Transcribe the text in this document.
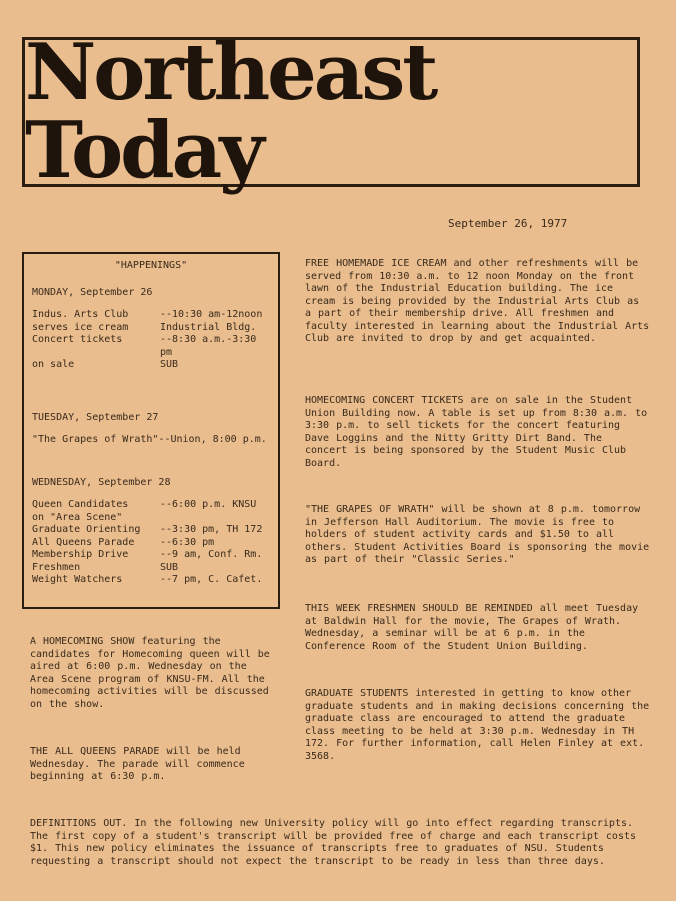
Northeast Today
September 26, 1977
"HAPPENINGS"
MONDAY, September 26
Indus. Arts Club	--10:30 am-12noon
serves ice cream	Industrial Bldg.
Concert tickets	--8:30 a.m.-3:30 pm
on sale	SUB
TUESDAY, September 27
"The Grapes of Wrath"--Union, 8:00 p.m.
WEDNESDAY, September 28
Queen Candidates	--6:00 p.m. KNSU
on "Area Scene"
Graduate Orienting	--3:30 pm, TH 172
All Queens Parade	--6:30 pm
Membership Drive	--9 am, Conf. Rm.
Freshmen	SUB
Weight Watchers	--7 pm, C. Cafet.
FREE HOMEMADE ICE CREAM and other refreshments will be served from 10:30 a.m. to 12 noon Monday on the front lawn of the Industrial Education building. The ice cream is being provided by the Industrial Arts Club as a part of their membership drive. All freshmen and faculty interested in learning about the Industrial Arts Club are invited to drop by and get acquainted.
HOMECOMING CONCERT TICKETS are on sale in the Student Union Building now. A table is set up from 8:30 a.m. to 3:30 p.m. to sell tickets for the concert featuring Dave Loggins and the Nitty Gritty Dirt Band. The concert is being sponsored by the Student Music Club Board.
"THE GRAPES OF WRATH" will be shown at 8 p.m. tomorrow in Jefferson Hall Auditorium. The movie is free to holders of student activity cards and $1.50 to all others. Student Activities Board is sponsoring the movie as part of their "Classic Series."
THIS WEEK FRESHMEN SHOULD BE REMINDED all meet Tuesday at Baldwin Hall for the movie, The Grapes of Wrath. Wednesday, a seminar will be at 6 p.m. in the Conference Room of the Student Union Building.
GRADUATE STUDENTS interested in getting to know other graduate students and in making decisions concerning the graduate class are encouraged to attend the graduate class meeting to be held at 3:30 p.m. Wednesday in TH 172. For further information, call Helen Finley at ext. 3568.
A HOMECOMING SHOW featuring the candidates for Homecoming queen will be aired at 6:00 p.m. Wednesday on the Area Scene program of KNSU-FM. All the homecoming activities will be discussed on the show.
THE ALL QUEENS PARADE will be held Wednesday. The parade will commence beginning at 6:30 p.m.
DEFINITIONS OUT. In the following new University policy will go into effect regarding transcripts. The first copy of a student's transcript will be provided free of charge and each transcript costs $1. This new policy eliminates the issuance of transcripts free to graduates of NSU. Students requesting a transcript should not expect the transcript to be ready in less than three days.
